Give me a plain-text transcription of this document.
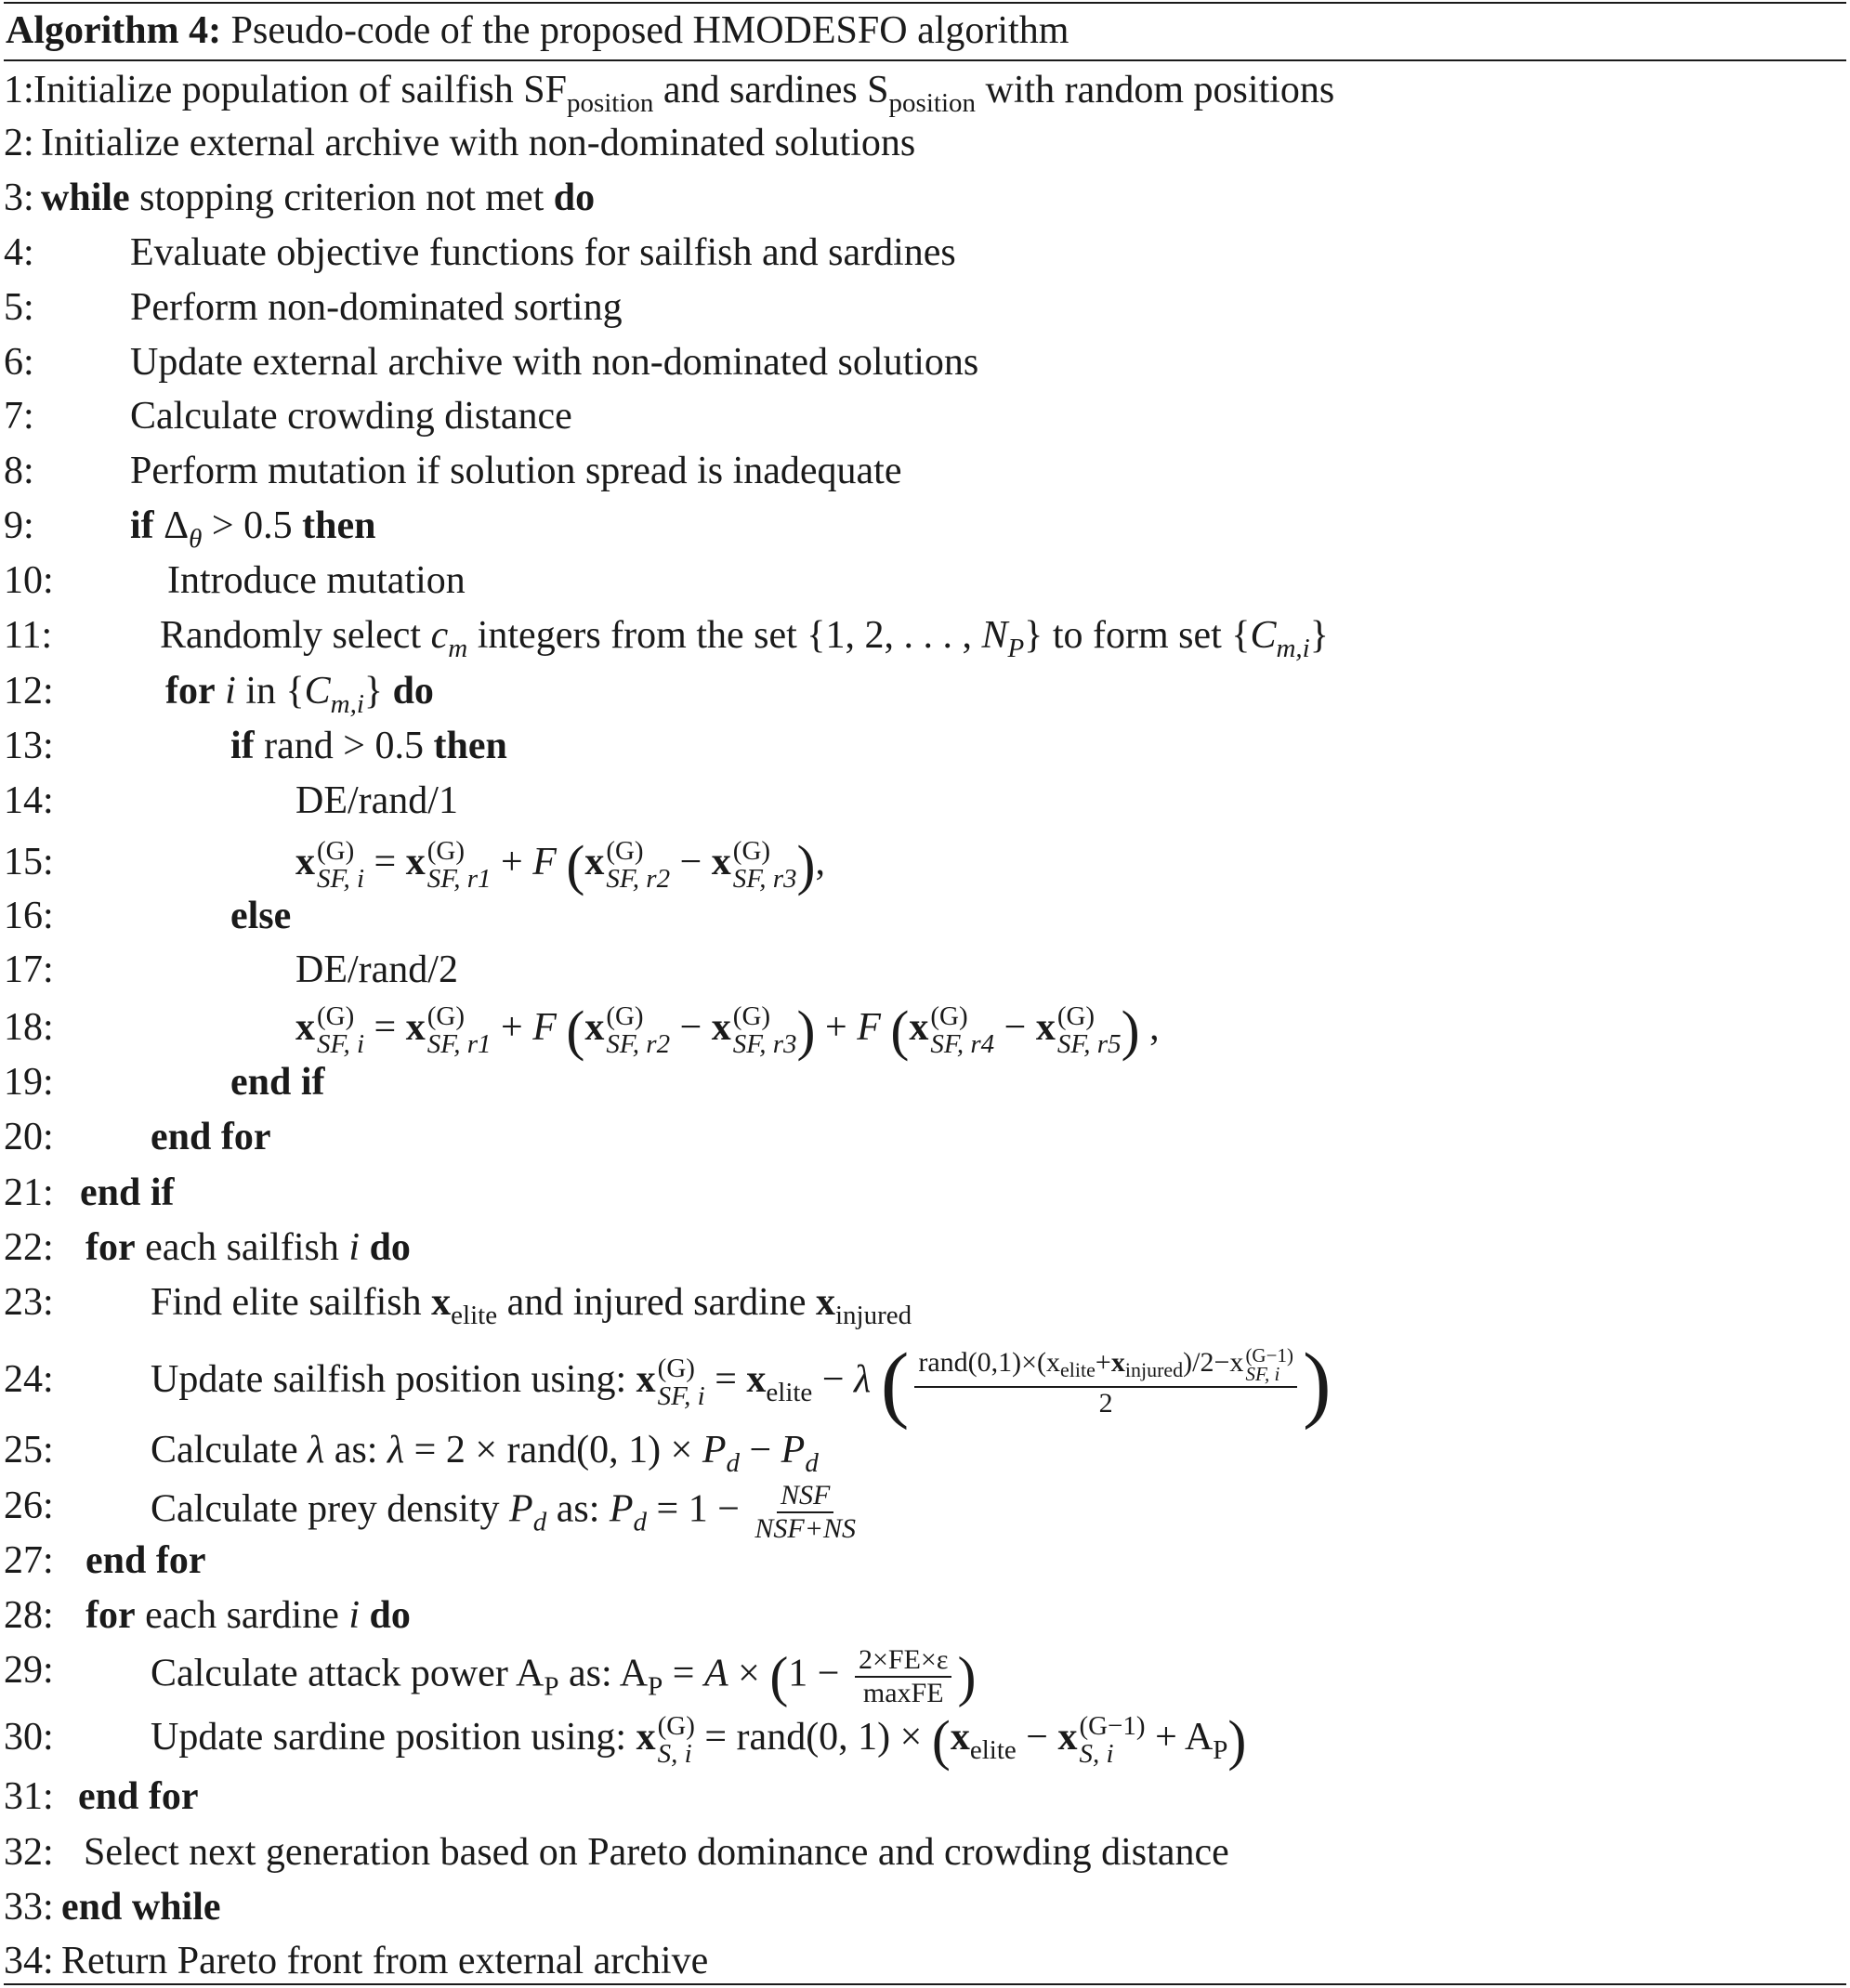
Algorithm 4: Pseudo-code of the proposed HMODESFO algorithm
1: Initialize population of sailfish $SF_{position}$ and sardines $S_{position}$ with random positions
2: Initialize external archive with non-dominated solutions
3: while stopping criterion not met do
4: Evaluate objective functions for sailfish and sardines
5: Perform non-dominated sorting
6: Update external archive with non-dominated solutions
7: Calculate crowding distance
8: Perform mutation if solution spread is inadequate
9: if $\Delta_\theta > 0.5$ then
10:	Introduce mutation
11:	Randomly select $c_m$ integers from the set {1, 2, . . . , $N_P$} to form set $\{C_{m,i}\}$
12:	for i in $\{C_{m,i}\}$ do
13:	if rand > 0.5 then
14:	DE/rand/1
15:	x (G)
SF, i = x (G)
SF, r1 + F (x (G)
SF, r2 − x (G)
SF, r3 ),
16:	else
17:	DE/rand/2
18:	x (G)
SF, i = x (G)
SF, r1 + F (x (G)
SF, r2 − x (G)
SF, r3 ) + F (x (G)
SF, r4 − x (G)
SF, r5 ) ,
19:	end if
20: end for
21: end if
22: for each sailfish i do
23: Find elite sailfish $x_{elite}$ and injured sardine $x_{injured}$
24: Update sailfish position using: x (G)
SF, $i = x_{elite} - \lambda$ ( $rand(0,1)\times(x_{elite}+x_{injured})/2-x$ (G−1)
SF, i
2 )
25: Calculate λ as: λ = 2 × rand(0, $1) \times P_d - P_d$
26: Calculate prey density $P_d$ as: $P_d = 1 - \frac{\text{NSF}}{\text{NSF+NS}}$
27: end for
28: for each sardine i do
29: Calculate attack power $A_P$ as: $A_P = A \times (1 - \frac{2\times FE\times\varepsilon}{\text{maxFE}}$ )
30: Update sardine position using: x (G)
S, i = rand(0, $1) \times (x_{elite} - x$ (G−1)
S, $i + A_P$)
31: end for
32: Select next generation based on Pareto dominance and crowding distance
33: end while
34: Return Pareto front from external archive
